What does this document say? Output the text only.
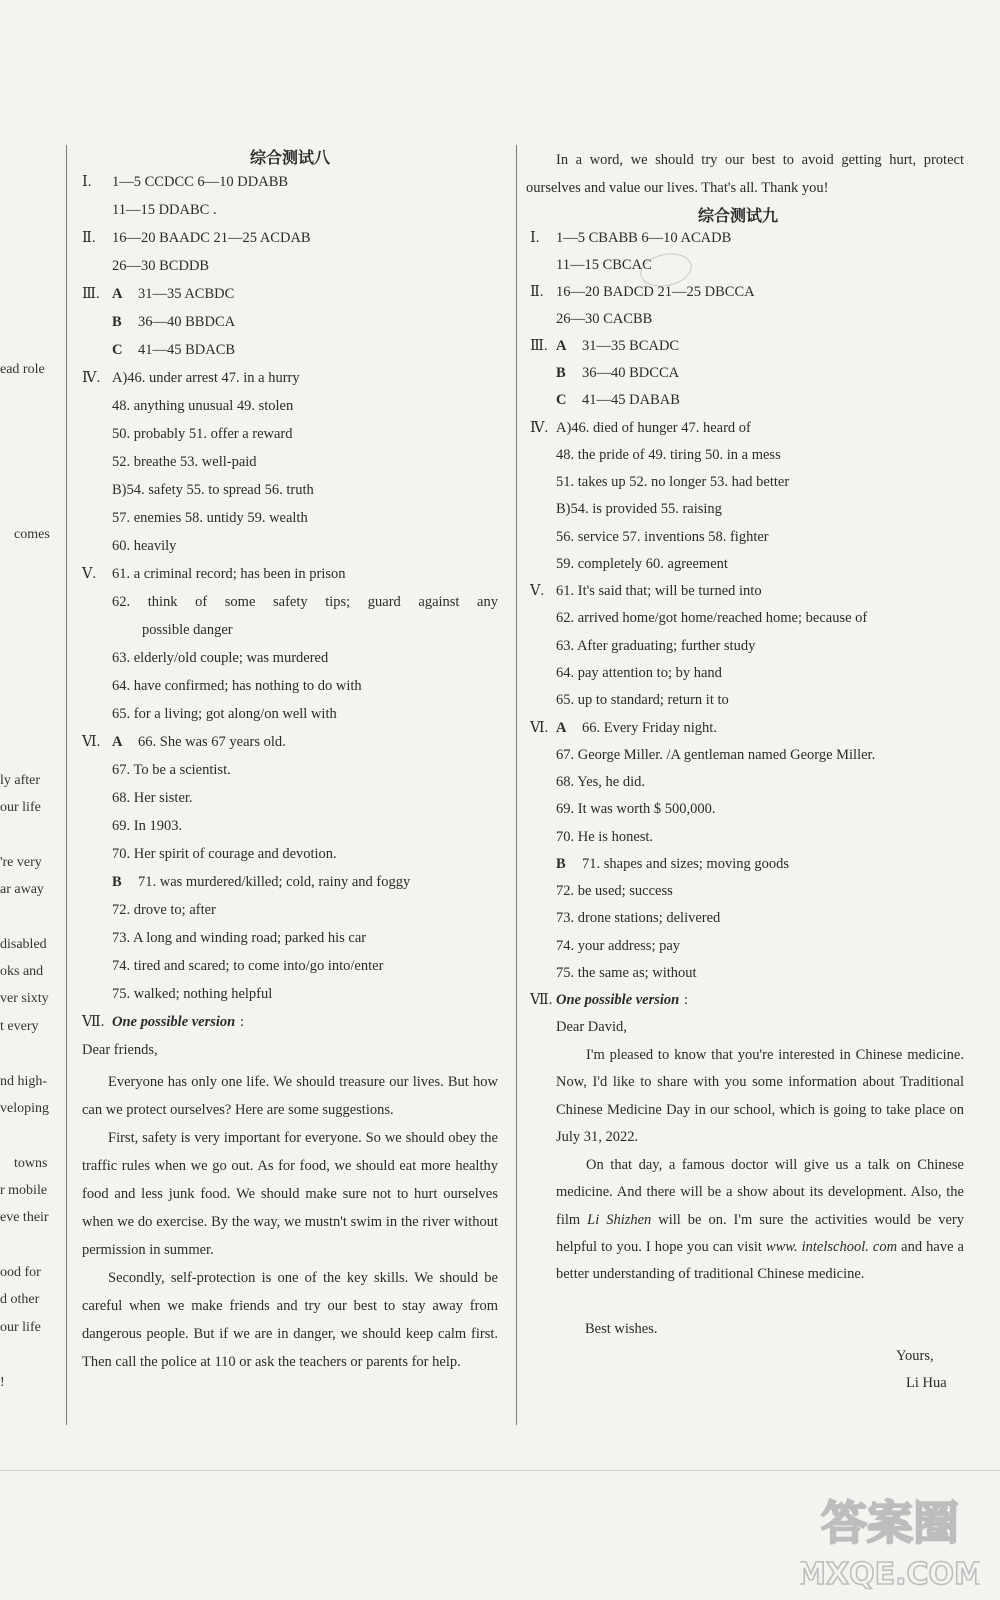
ead role
comes
ly after
our life
're very
ar away
disabled
oks and
ver sixty
t every
nd high-
veloping
towns
r mobile
eve their
ood for
d other
our life
!
综合测试八
Ⅰ. 1—5 CCDCC 6—10 DDABB
11—15 DDABC .
Ⅱ. 16—20 BAADC 21—25 ACDAB
26—30 BCDDB
Ⅲ. A 31—35 ACBDC
B 36—40 BBDCA
C 41—45 BDACB
Ⅳ. A)46. under arrest 47. in a hurry
48. anything unusual 49. stolen
50. probably 51. offer a reward
52. breathe 53. well-paid
B)54. safety 55. to spread 56. truth
57. enemies 58. untidy 59. wealth
60. heavily
Ⅴ. 61. a criminal record; has been in prison
62. think of some safety tips; guard against any
possible danger
63. elderly/old couple; was murdered
64. have confirmed; has nothing to do with
65. for a living; got along/on well with
Ⅵ. A 66. She was 67 years old.
67. To be a scientist.
68. Her sister.
69. In 1903.
70. Her spirit of courage and devotion.
B 71. was murdered/killed; cold, rainy and foggy
72. drove to; after
73. A long and winding road; parked his car
74. tired and scared; to come into/go into/enter
75. walked; nothing helpful
Ⅶ. One possible version :
Dear friends,
Everyone has only one life. We should treasure our lives. But how can we protect ourselves? Here are some suggestions.
First, safety is very important for everyone. So we should obey the traffic rules when we go out. As for food, we should eat more healthy food and less junk food. We should make sure not to hurt ourselves when we do exercise. By the way, we mustn't swim in the river without permission in summer.
Secondly, self-protection is one of the key skills. We should be careful when we make friends and try our best to stay away from dangerous people. But if we are in danger, we should keep calm first. Then call the police at 110 or ask the teachers or parents for help.
In a word, we should try our best to avoid getting hurt, protect ourselves and value our lives. That's all. Thank you!
综合测试九
Ⅰ. 1—5 CBABB 6—10 ACADB
11—15 CBCAC
Ⅱ. 16—20 BADCD 21—25 DBCCA
26—30 CACBB
Ⅲ. A 31—35 BCADC
B 36—40 BDCCA
C 41—45 DABAB
Ⅳ. A)46. died of hunger 47. heard of
48. the pride of 49. tiring 50. in a mess
51. takes up 52. no longer 53. had better
B)54. is provided 55. raising
56. service 57. inventions 58. fighter
59. completely 60. agreement
Ⅴ. 61. It's said that; will be turned into
62. arrived home/got home/reached home; because of
63. After graduating; further study
64. pay attention to; by hand
65. up to standard; return it to
Ⅵ. A 66. Every Friday night.
67. George Miller. /A gentleman named George Miller.
68. Yes, he did.
69. It was worth $ 500,000.
70. He is honest.
B 71. shapes and sizes; moving goods
72. be used; success
73. drone stations; delivered
74. your address; pay
75. the same as; without
Ⅶ. One possible version :
Dear David,
I'm pleased to know that you're interested in Chinese medicine. Now, I'd like to share with you some information about Traditional Chinese Medicine Day in our school, which is going to take place on July 31, 2022.
On that day, a famous doctor will give us a talk on Chinese medicine. And there will be a show about its development. Also, the film Li Shizhen will be on. I'm sure the activities would be very helpful to you. I hope you can visit www. intelschool. com and have a better understanding of traditional Chinese medicine.
Best wishes.
Yours,
Li Hua
答案圈
MXQE.COM
